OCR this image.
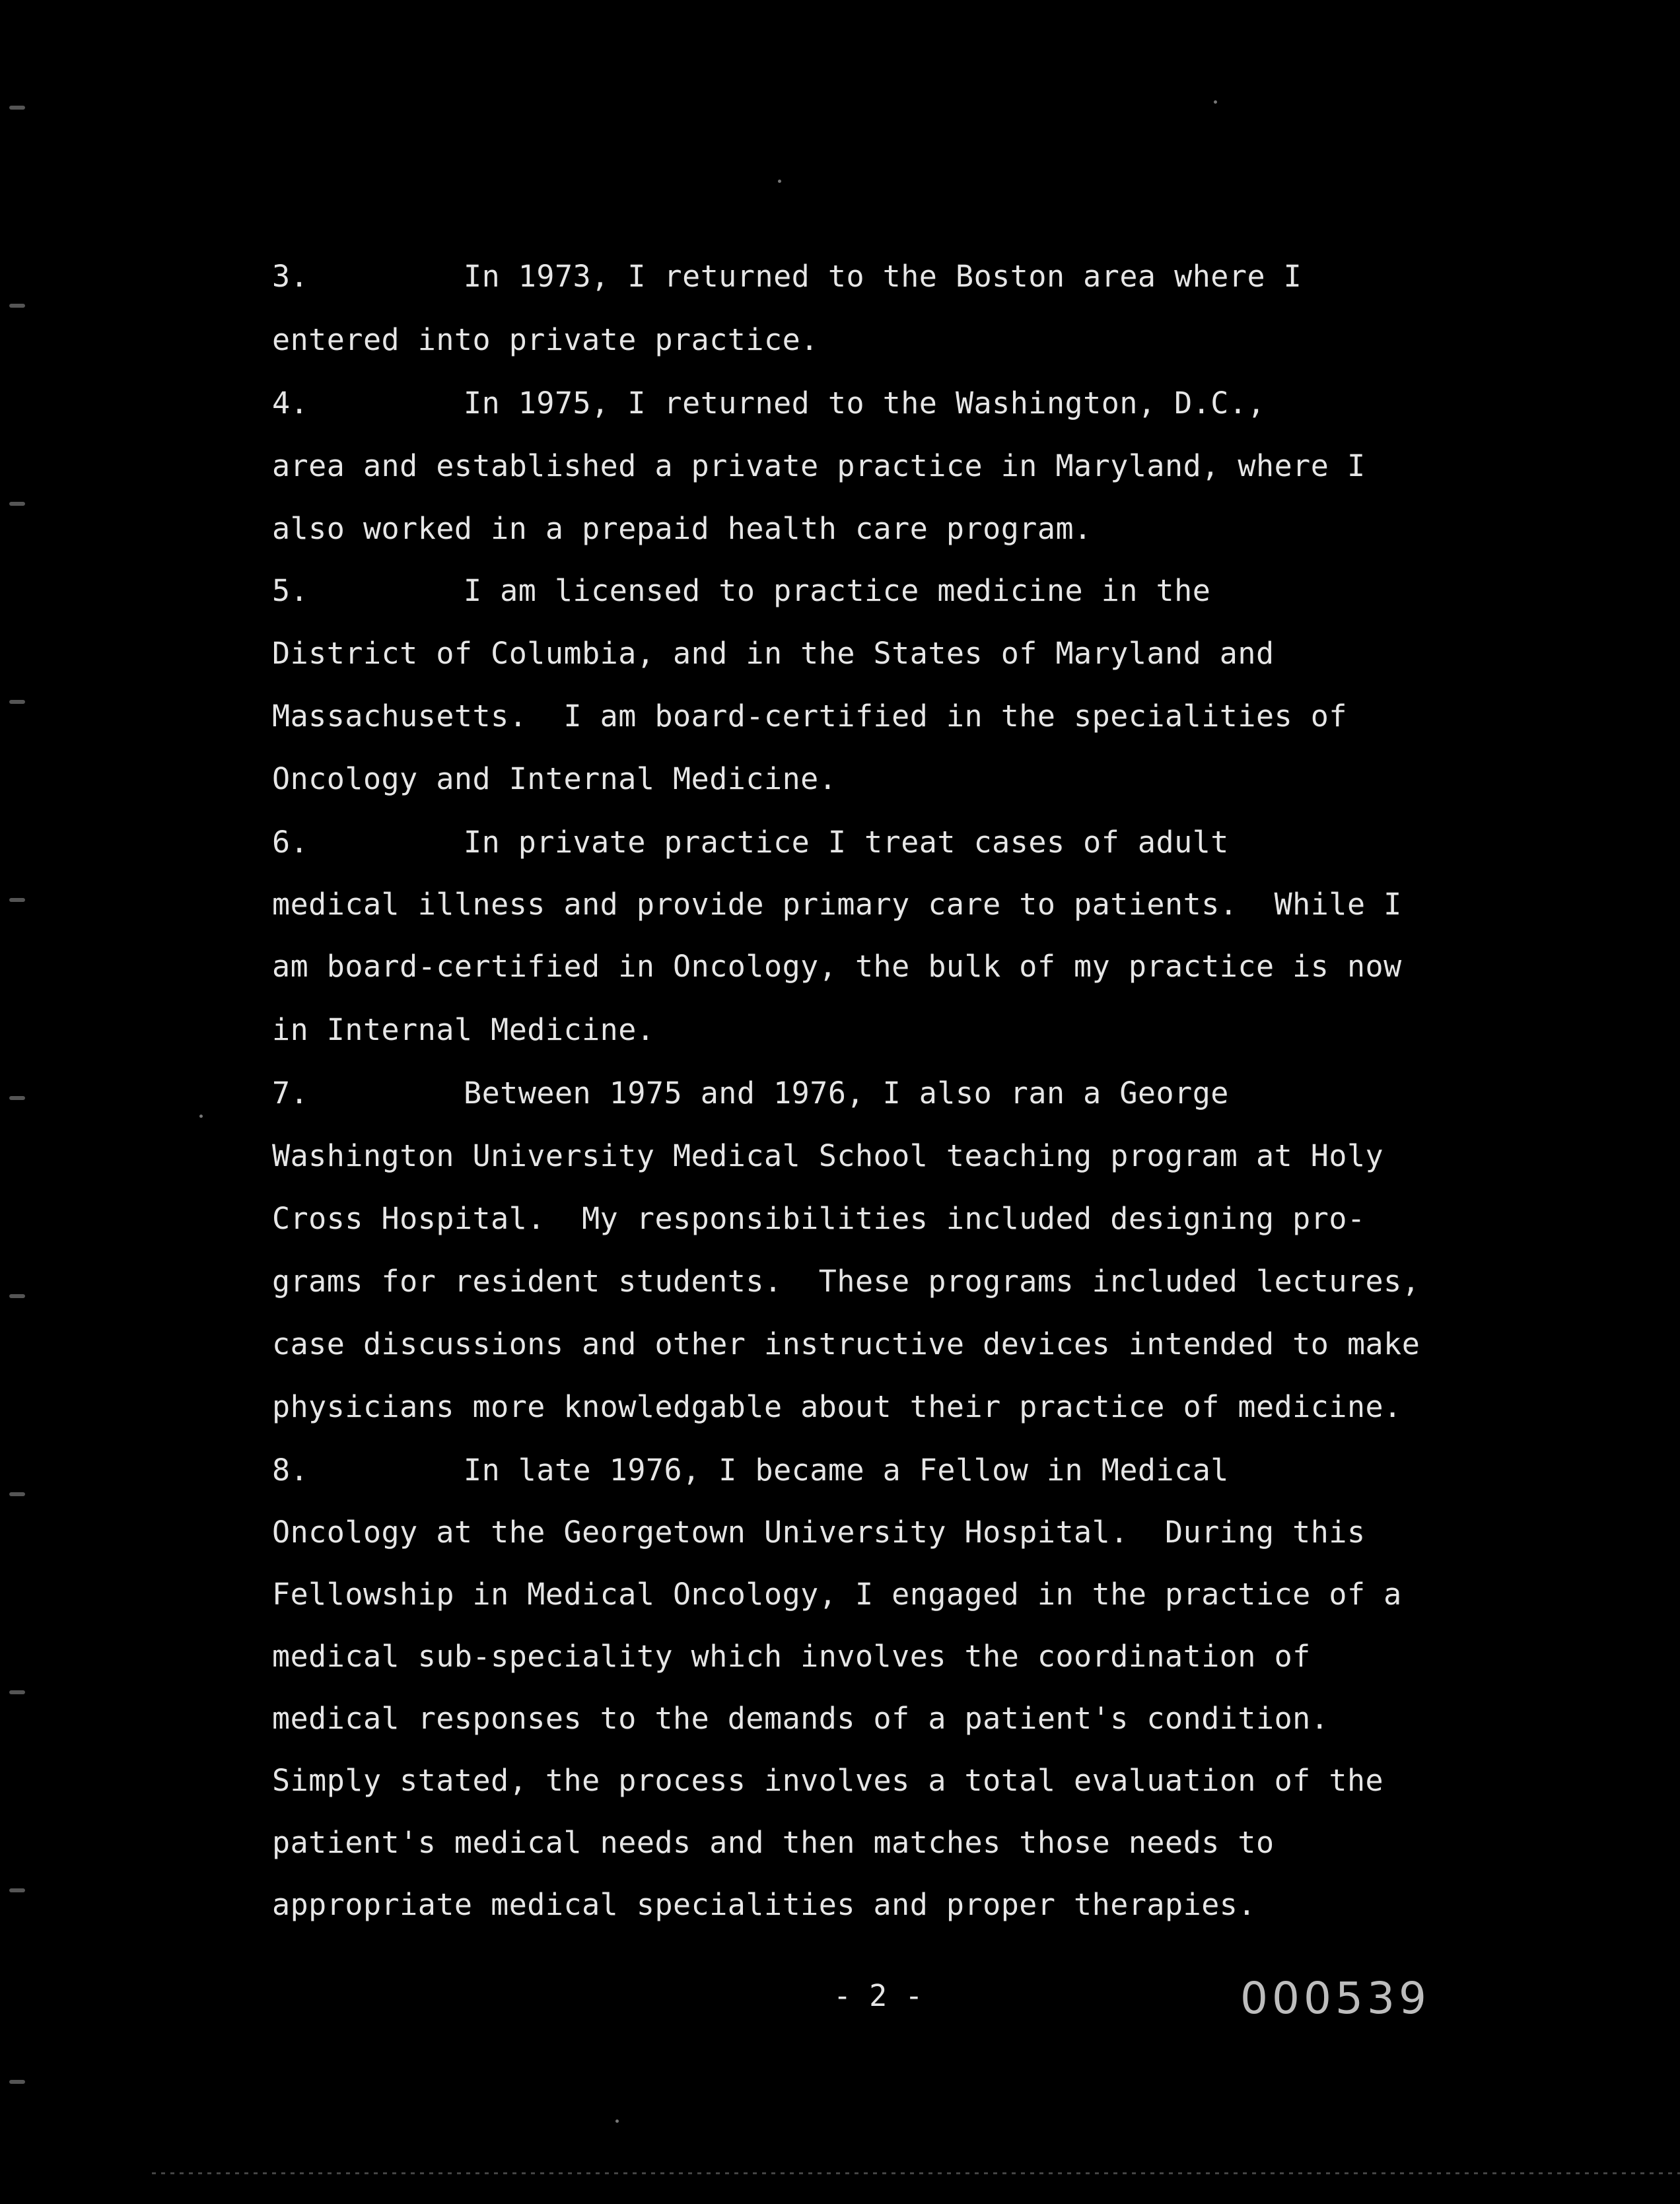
3.	In 1973, I returned to the Boston area where I
entered into private practice.
4.	In 1975, I returned to the Washington, D.C.,
area and established a private practice in Maryland, where I
also worked in a prepaid health care program.
5.	I am licensed to practice medicine in the
District of Columbia, and in the States of Maryland and
Massachusetts.  I am board-certified in the specialities of
Oncology and Internal Medicine.
6.	In private practice I treat cases of adult
medical illness and provide primary care to patients.  While I
am board-certified in Oncology, the bulk of my practice is now
in Internal Medicine.
7.	Between 1975 and 1976, I also ran a George
Washington University Medical School teaching program at Holy
Cross Hospital.  My responsibilities included designing pro-
grams for resident students.  These programs included lectures,
case discussions and other instructive devices intended to make
physicians more knowledgable about their practice of medicine.
8.	In late 1976, I became a Fellow in Medical
Oncology at the Georgetown University Hospital.  During this
Fellowship in Medical Oncology, I engaged in the practice of a
medical sub-speciality which involves the coordination of
medical responses to the demands of a patient's condition.
Simply stated, the process involves a total evaluation of the
patient's medical needs and then matches those needs to
appropriate medical specialities and proper therapies.
- 2 -	000539
